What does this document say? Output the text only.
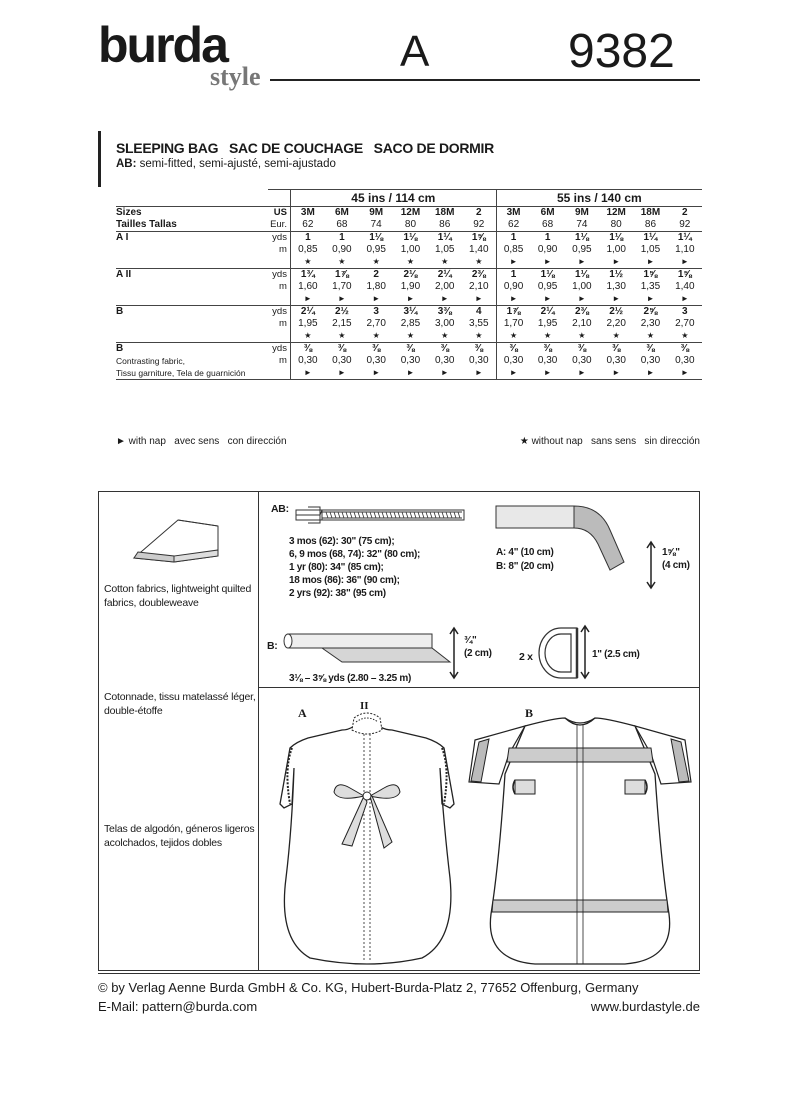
burda
style
A	9382
SLEEPING BAG   SAC DE COUCHAGE   SACO DE DORMIR
AB: semi-fitted, semi-ajusté, semi-ajustado
		45 ins / 114 cm						55 ins / 140 cm					
Sizes	US	3M	6M	9M	12M	18M	2	3M	6M	9M	12M	18M	2
Tailles Tallas	Eur.	62	68	74	80	86	92	62	68	74	80	86	92
A I	yds	1	1	1⅛	1⅛	1¼	1⅝	1	1	1⅛	1⅛	1¼	1¼
	m	0,85	0,90	0,95	1,00	1,05	1,40	0,85	0,90	0,95	1,00	1,05	1,10
		★	★	★	★	★	★	►	►	►	►	►	►
A II	yds	1¾	1⅞	2	2⅛	2¼	2⅜	1	1⅛	1⅛	1½	1⅝	1⅝
	m	1,60	1,70	1,80	1,90	2,00	2,10	0,90	0,95	1,00	1,30	1,35	1,40
		►	►	►	►	►	►	►	►	►	►	►	►
B	yds	2¼	2½	3	3¼	3⅜	4	1⅞	2¼	2⅜	2½	2⅝	3
	m	1,95	2,15	2,70	2,85	3,00	3,55	1,70	1,95	2,10	2,20	2,30	2,70
		★	★	★	★	★	★	★	★	★	★	★	★
B	yds	⅜	⅜	⅜	⅜	⅜	⅜	⅜	⅜	⅜	⅜	⅜	⅜
Contrasting fabric,	m	0,30	0,30	0,30	0,30	0,30	0,30	0,30	0,30	0,30	0,30	0,30	0,30
Tissu garniture, Tela de guarnición		►	►	►	►	►	►	►	►	►	►	►	►
► with nap   avec sens   con dirección	★ without nap   sans sens   sin dirección
Cotton fabrics, lightweight quilted fabrics, doubleweave
Cotonnade, tissu matelassé léger, double-étoffe
Telas de algodón, géneros ligeros acolchados, tejidos dobles
AB:
3 mos (62): 30" (75 cm);
6, 9 mos (68, 74): 32" (80 cm);
1 yr (80): 34" (85 cm);
18 mos (86): 36" (90 cm);
2 yrs (92): 38" (95 cm)
A: 4" (10 cm)
B: 8" (20 cm)
1⅝"
(4 cm)
B:
3⅛ – 3⅝ yds (2.80 – 3.25 m)
¾"
(2 cm)	2 x	1" (2.5 cm)
A	II	B
© by Verlag Aenne Burda GmbH & Co. KG, Hubert-Burda-Platz 2, 77652 Offenburg, Germany
E-Mail: pattern@burda.com	www.burdastyle.de
